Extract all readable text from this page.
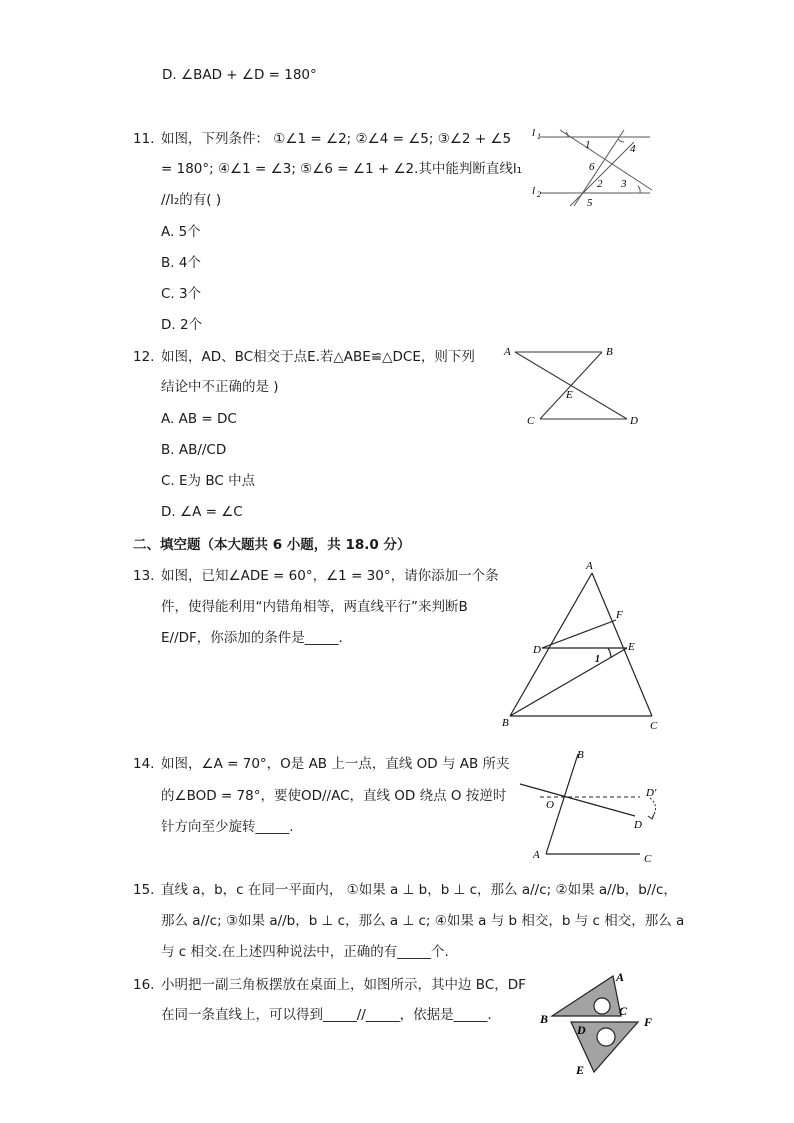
D. ∠BAD + ∠D = 180°
11. 如图，下列条件： ①∠1 = ∠2; ②∠4 = ∠5; ③∠2 + ∠5
= 180°; ④∠1 = ∠3; ⑤∠6 = ∠1 + ∠2.其中能判断直线l₁
//l₂的有( )
A. 5个
B. 4个
C. 3个
D. 2个
l 1
l 2
1	4
6
2 3
5
12. 如图，AD、BC相交于点E.若△ABE≌△DCE，则下列
结论中不正确的是 )
A. AB = DC
B. AB//CD
C. E为 BC 中点
D. ∠A = ∠C
A	B
E
C	D
二、填空题（本大题共 6 小题，共 18.0 分）
13. 如图，已知∠ADE = 60°，∠1 = 30°，请你添加一个条
件，使得能利用“内错角相等，两直线平行”来判断B
E//DF，你添加的条件是_____.
A
F
D	E
1
B	C
14. 如图，∠A = 70°，O是 AB 上一点，直线 OD 与 AB 所夹
的∠BOD = 78°，要使OD//AC，直线 OD 绕点 O 按逆时
针方向至少旋转_____.
B
O
D′
D
A	C
15. 直线 a，b，c 在同一平面内， ①如果 a ⊥ b，b ⊥ c，那么 a//c; ②如果 a//b，b//c，
那么 a//c; ③如果 a//b，b ⊥ c，那么 a ⊥ c; ④如果 a 与 b 相交，b 与 c 相交，那么 a
与 c 相交.在上述四种说法中，正确的有_____个.
16. 小明把一副三角板摆放在桌面上，如图所示，其中边 BC，DF
在同一条直线上，可以得到_____//_____，依据是_____.
A
B
C
D
F
E
